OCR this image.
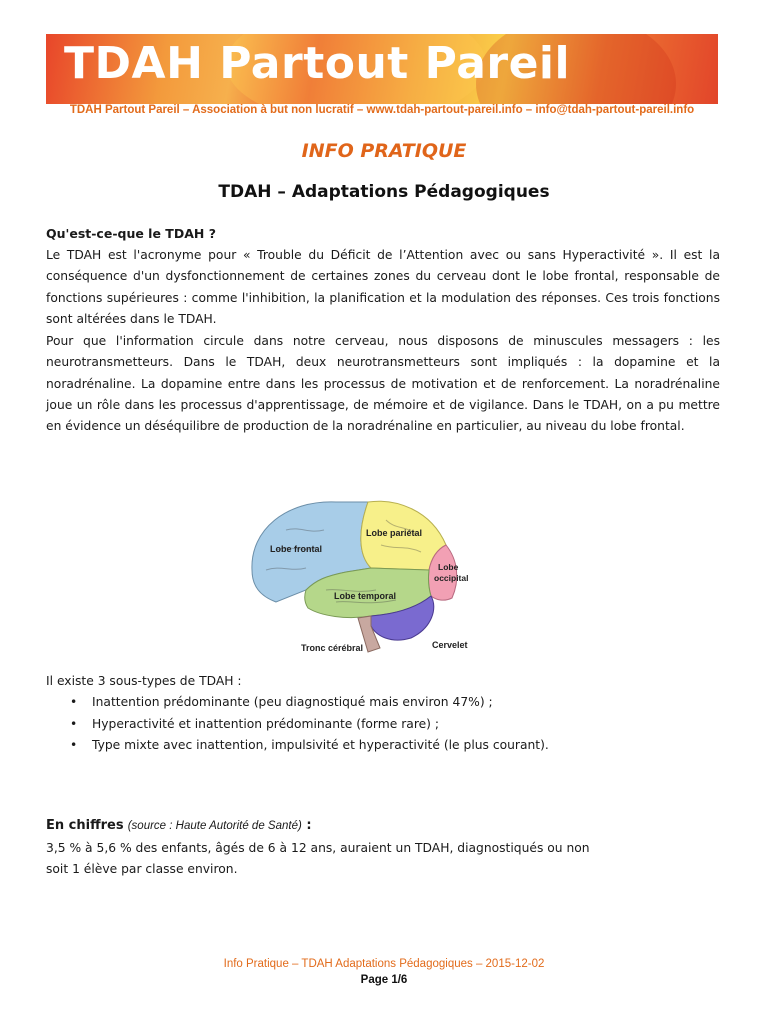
TDAH Partout Pareil
TDAH Partout Pareil – Association à but non lucratif – www.tdah-partout-pareil.info – info@tdah-partout-pareil.info
INFO PRATIQUE
TDAH – Adaptations Pédagogiques
Qu'est-ce-que le TDAH ?
Le TDAH est l'acronyme pour « Trouble du Déficit de l’Attention avec ou sans Hyperactivité ». Il est la conséquence d'un dysfonctionnement de certaines zones du cerveau dont le lobe frontal, responsable de fonctions supérieures : comme l'inhibition, la planification et la modulation des réponses. Ces trois fonctions sont altérées dans le TDAH.
Pour que l'information circule dans notre cerveau, nous disposons de minuscules messagers : les neurotransmetteurs. Dans le TDAH, deux neurotransmetteurs sont impliqués : la dopamine et la noradrénaline. La dopamine entre dans les processus de motivation et de renforcement. La noradrénaline joue un rôle dans les processus d'apprentissage, de mémoire et de vigilance. Dans le TDAH, on a pu mettre en évidence un déséquilibre de production de la noradrénaline en particulier, au niveau du lobe frontal.
Lobe frontal
Lobe pariétal
Lobe
occipital
Lobe temporal
Tronc cérébral	Cervelet
Il existe 3 sous-types de TDAH :
• Inattention prédominante (peu diagnostiqué mais environ 47%) ;
• Hyperactivité et inattention prédominante (forme rare) ;
• Type mixte avec inattention, impulsivité et hyperactivité (le plus courant).
En chiffres (source : Haute Autorité de Santé) :
3,5 % à 5,6 % des enfants, âgés de 6 à 12 ans, auraient un TDAH, diagnostiqués ou non
soit 1 élève par classe environ.
Info Pratique – TDAH Adaptations Pédagogiques – 2015-12-02
Page 1/6
